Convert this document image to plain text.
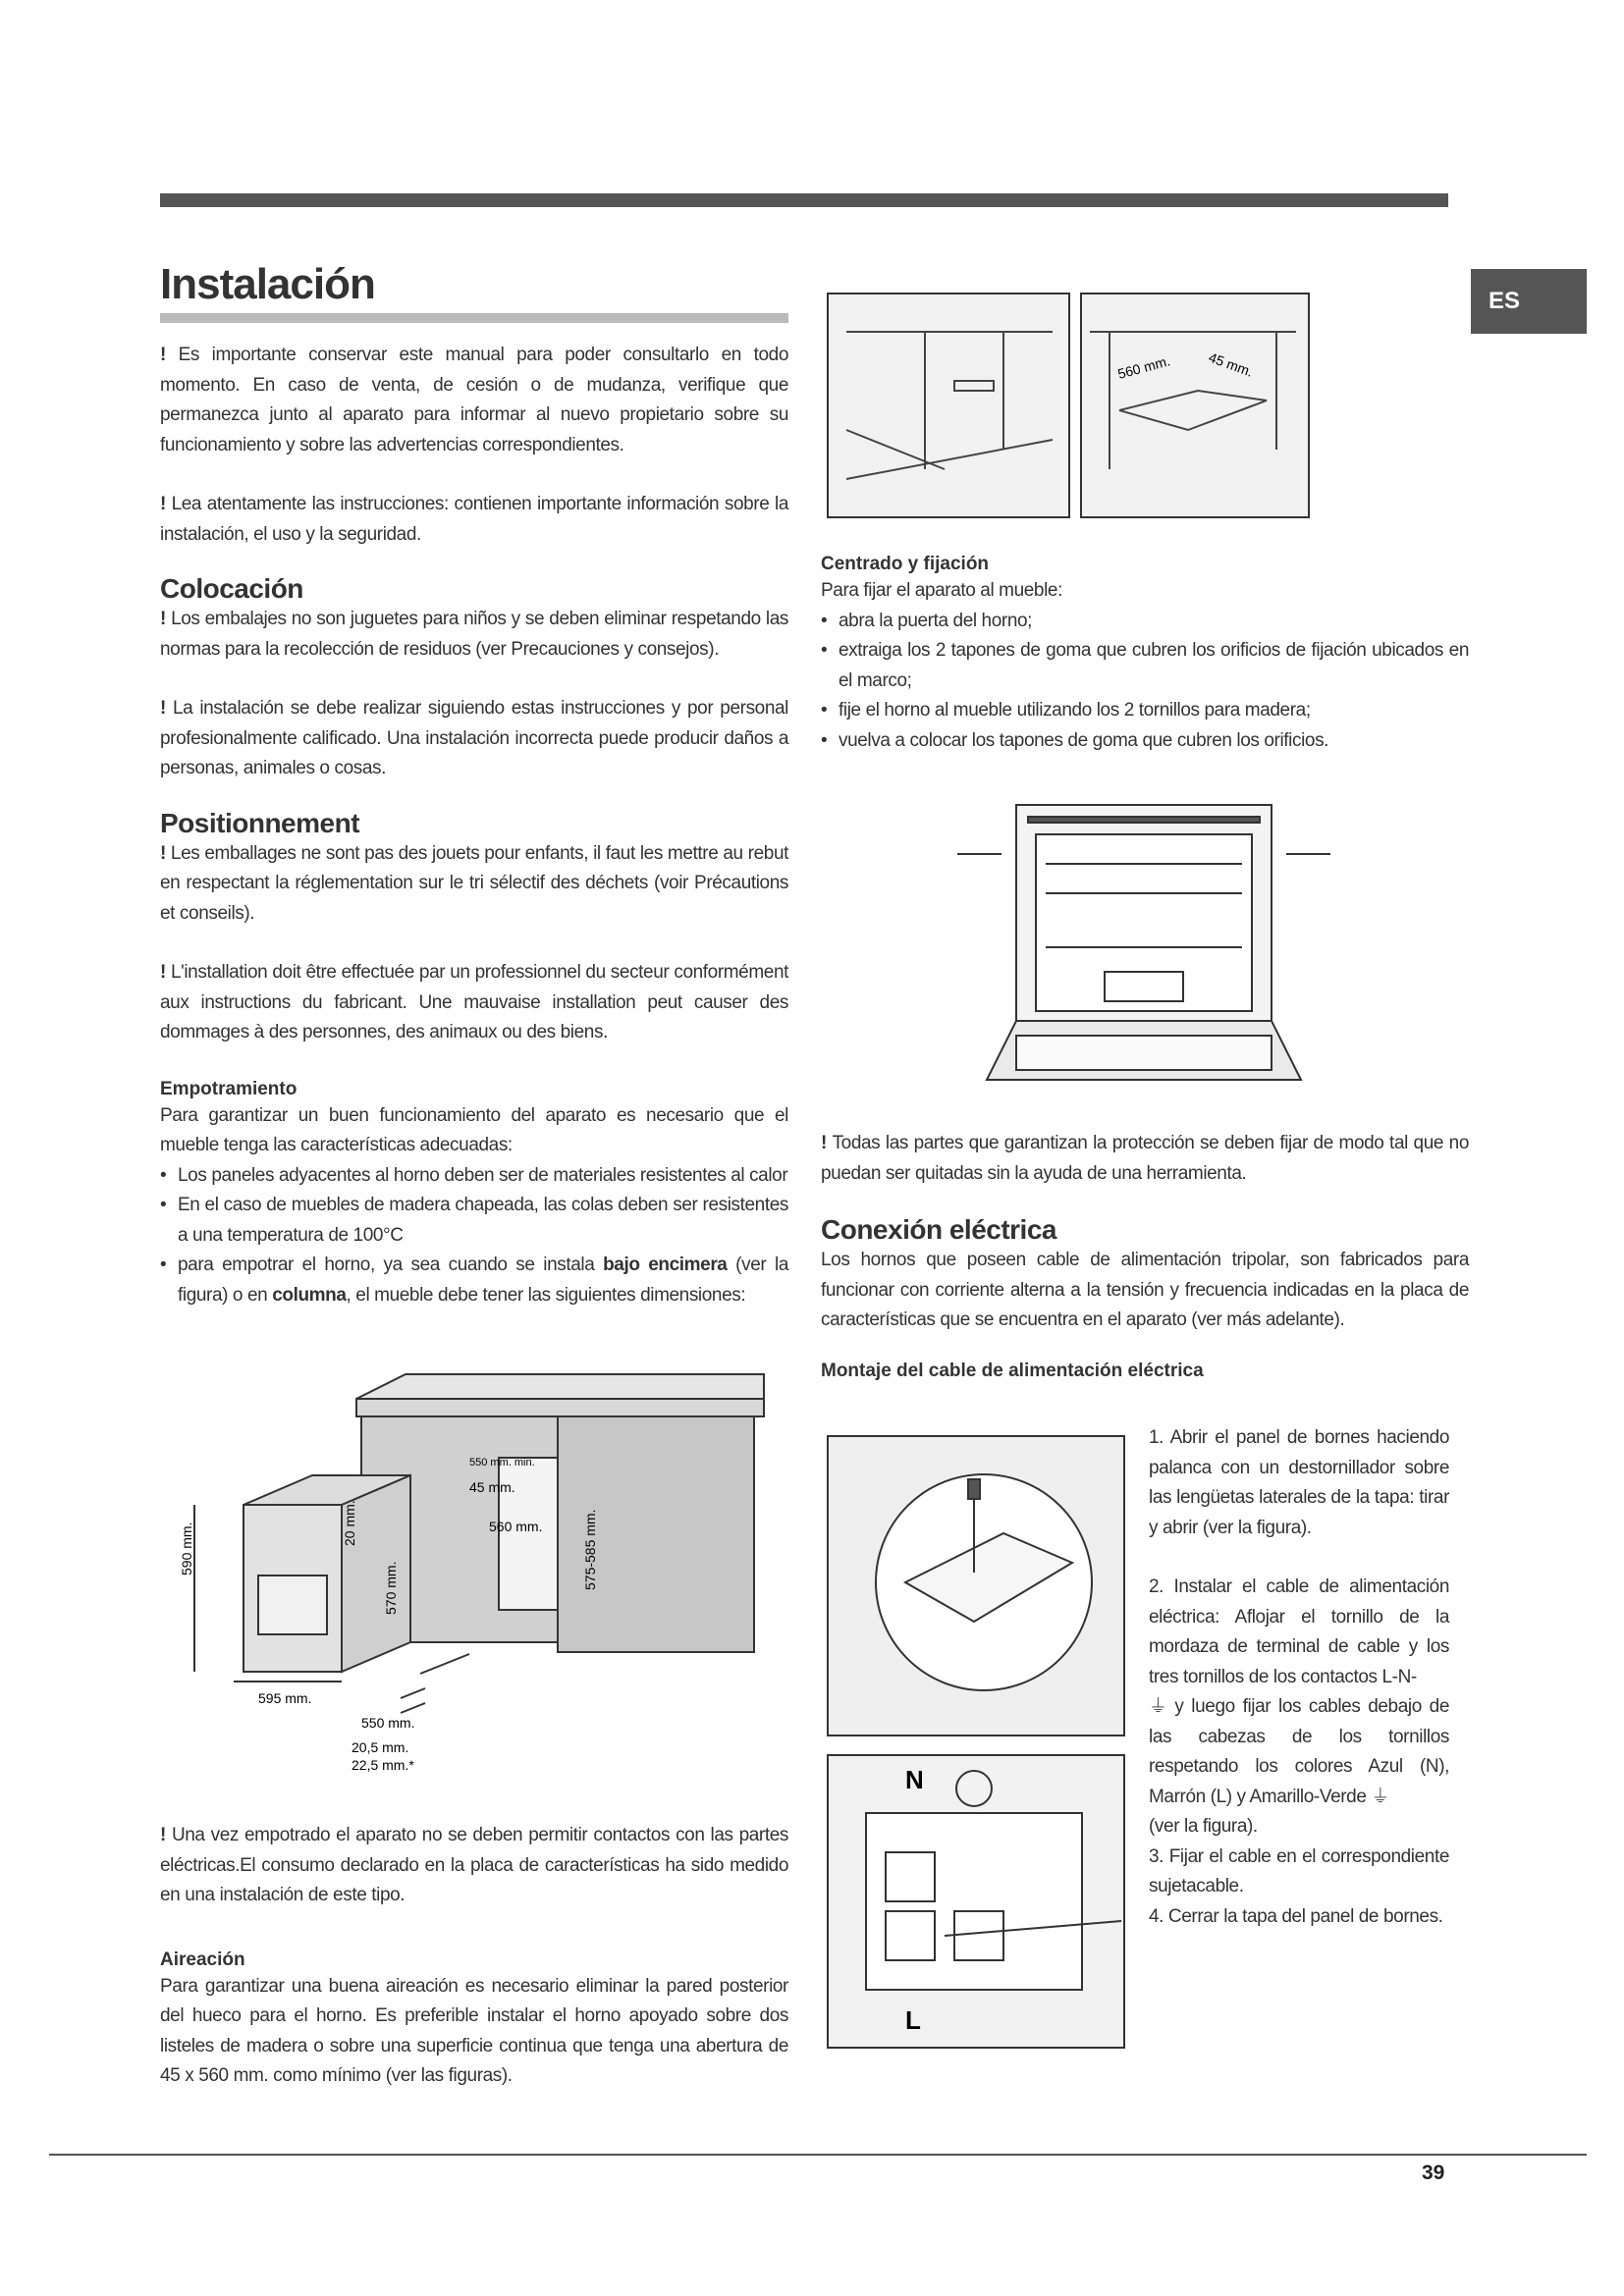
ES
Instalación

! Es importante conservar este manual para poder consultarlo en todo momento. En caso de venta, de cesión o de mudanza, verifique que permanezca junto al aparato para informar al nuevo propietario sobre su funcionamiento y sobre las advertencias correspondientes.

! Lea atentamente las instrucciones: contienen importante información sobre la instalación, el uso y la seguridad.

Colocación

! Los embalajes no son juguetes para niños y se deben eliminar respetando las normas para la recolección de residuos (ver Precauciones y consejos).

! La instalación se debe realizar siguiendo estas instrucciones y por personal profesionalmente calificado. Una instalación incorrecta puede producir daños a personas, animales o cosas.

Positionnement

! Les emballages ne sont pas des jouets pour enfants, il faut les mettre au rebut en respectant la réglementation sur le tri sélectif des déchets (voir Précautions et conseils).

! L'installation doit être effectuée par un professionnel du secteur conformément aux instructions du fabricant. Une mauvaise installation peut causer des dommages à des personnes, des animaux ou des biens.

Empotramiento

Para garantizar un buen funcionamiento del aparato es necesario que el mueble tenga las características adecuadas:

• Los paneles adyacentes al horno deben ser de materiales resistentes al calor
• En el caso de muebles de madera chapeada, las colas deben ser resistentes a una temperatura de 100°C
• para empotrar el horno, ya sea cuando se instala bajo encimera (ver la figura) o en columna, el mueble debe tener las siguientes dimensiones:
590 mm.	20 mm.
570 mm.
550 mm. min.
45 mm.
560 mm.	575-585 mm.
595 mm.
550 mm.
20,5 mm.
22,5 mm.*

! Una vez empotrado el aparato no se deben permitir contactos con las partes eléctricas.El consumo declarado en la placa de características ha sido medido en una instalación de este tipo.

Aireación

Para garantizar una buena aireación es necesario eliminar la pared posterior del hueco para el horno. Es preferible instalar el horno apoyado sobre dos listeles de madera o sobre una superficie continua que tenga una abertura de 45 x 560 mm. como mínimo (ver las figuras).

560 mm.	45 mm.
Centrado y fijación

Para fijar el aparato al mueble:

• abra la puerta del horno;
• extraiga los 2 tapones de goma que cubren los orificios de fijación ubicados en el marco;
• fije el horno al mueble utilizando los 2 tornillos para madera;
• vuelva a colocar los tapones de goma que cubren los orificios.

! Todas las partes que garantizan la protección se deben fijar de modo tal que no puedan ser quitadas sin la ayuda de una herramienta.

Conexión eléctrica

Los hornos que poseen cable de alimentación tripolar, son fabricados para funcionar con corriente alterna a la tensión y frecuencia indicadas en la placa de características que se encuentra en el aparato (ver más adelante).

Montaje del cable de alimentación eléctrica
N
L

1. Abrir el panel de bornes haciendo palanca con un destornillador sobre las lengüetas laterales de la tapa: tirar y abrir (ver la figura).

2. Instalar el cable de alimentación eléctrica: Aflojar el tornillo de la mordaza de terminal de cable y los tres tornillos de los contactos L-N-

⏚ y luego fijar los cables debajo de las cabezas de los tornillos respetando los colores Azul (N), Marrón (L) y Amarillo-Verde ⏚

(ver la figura).

3. Fijar el cable en el correspondiente sujetacable.

4. Cerrar la tapa del panel de bornes.

39
